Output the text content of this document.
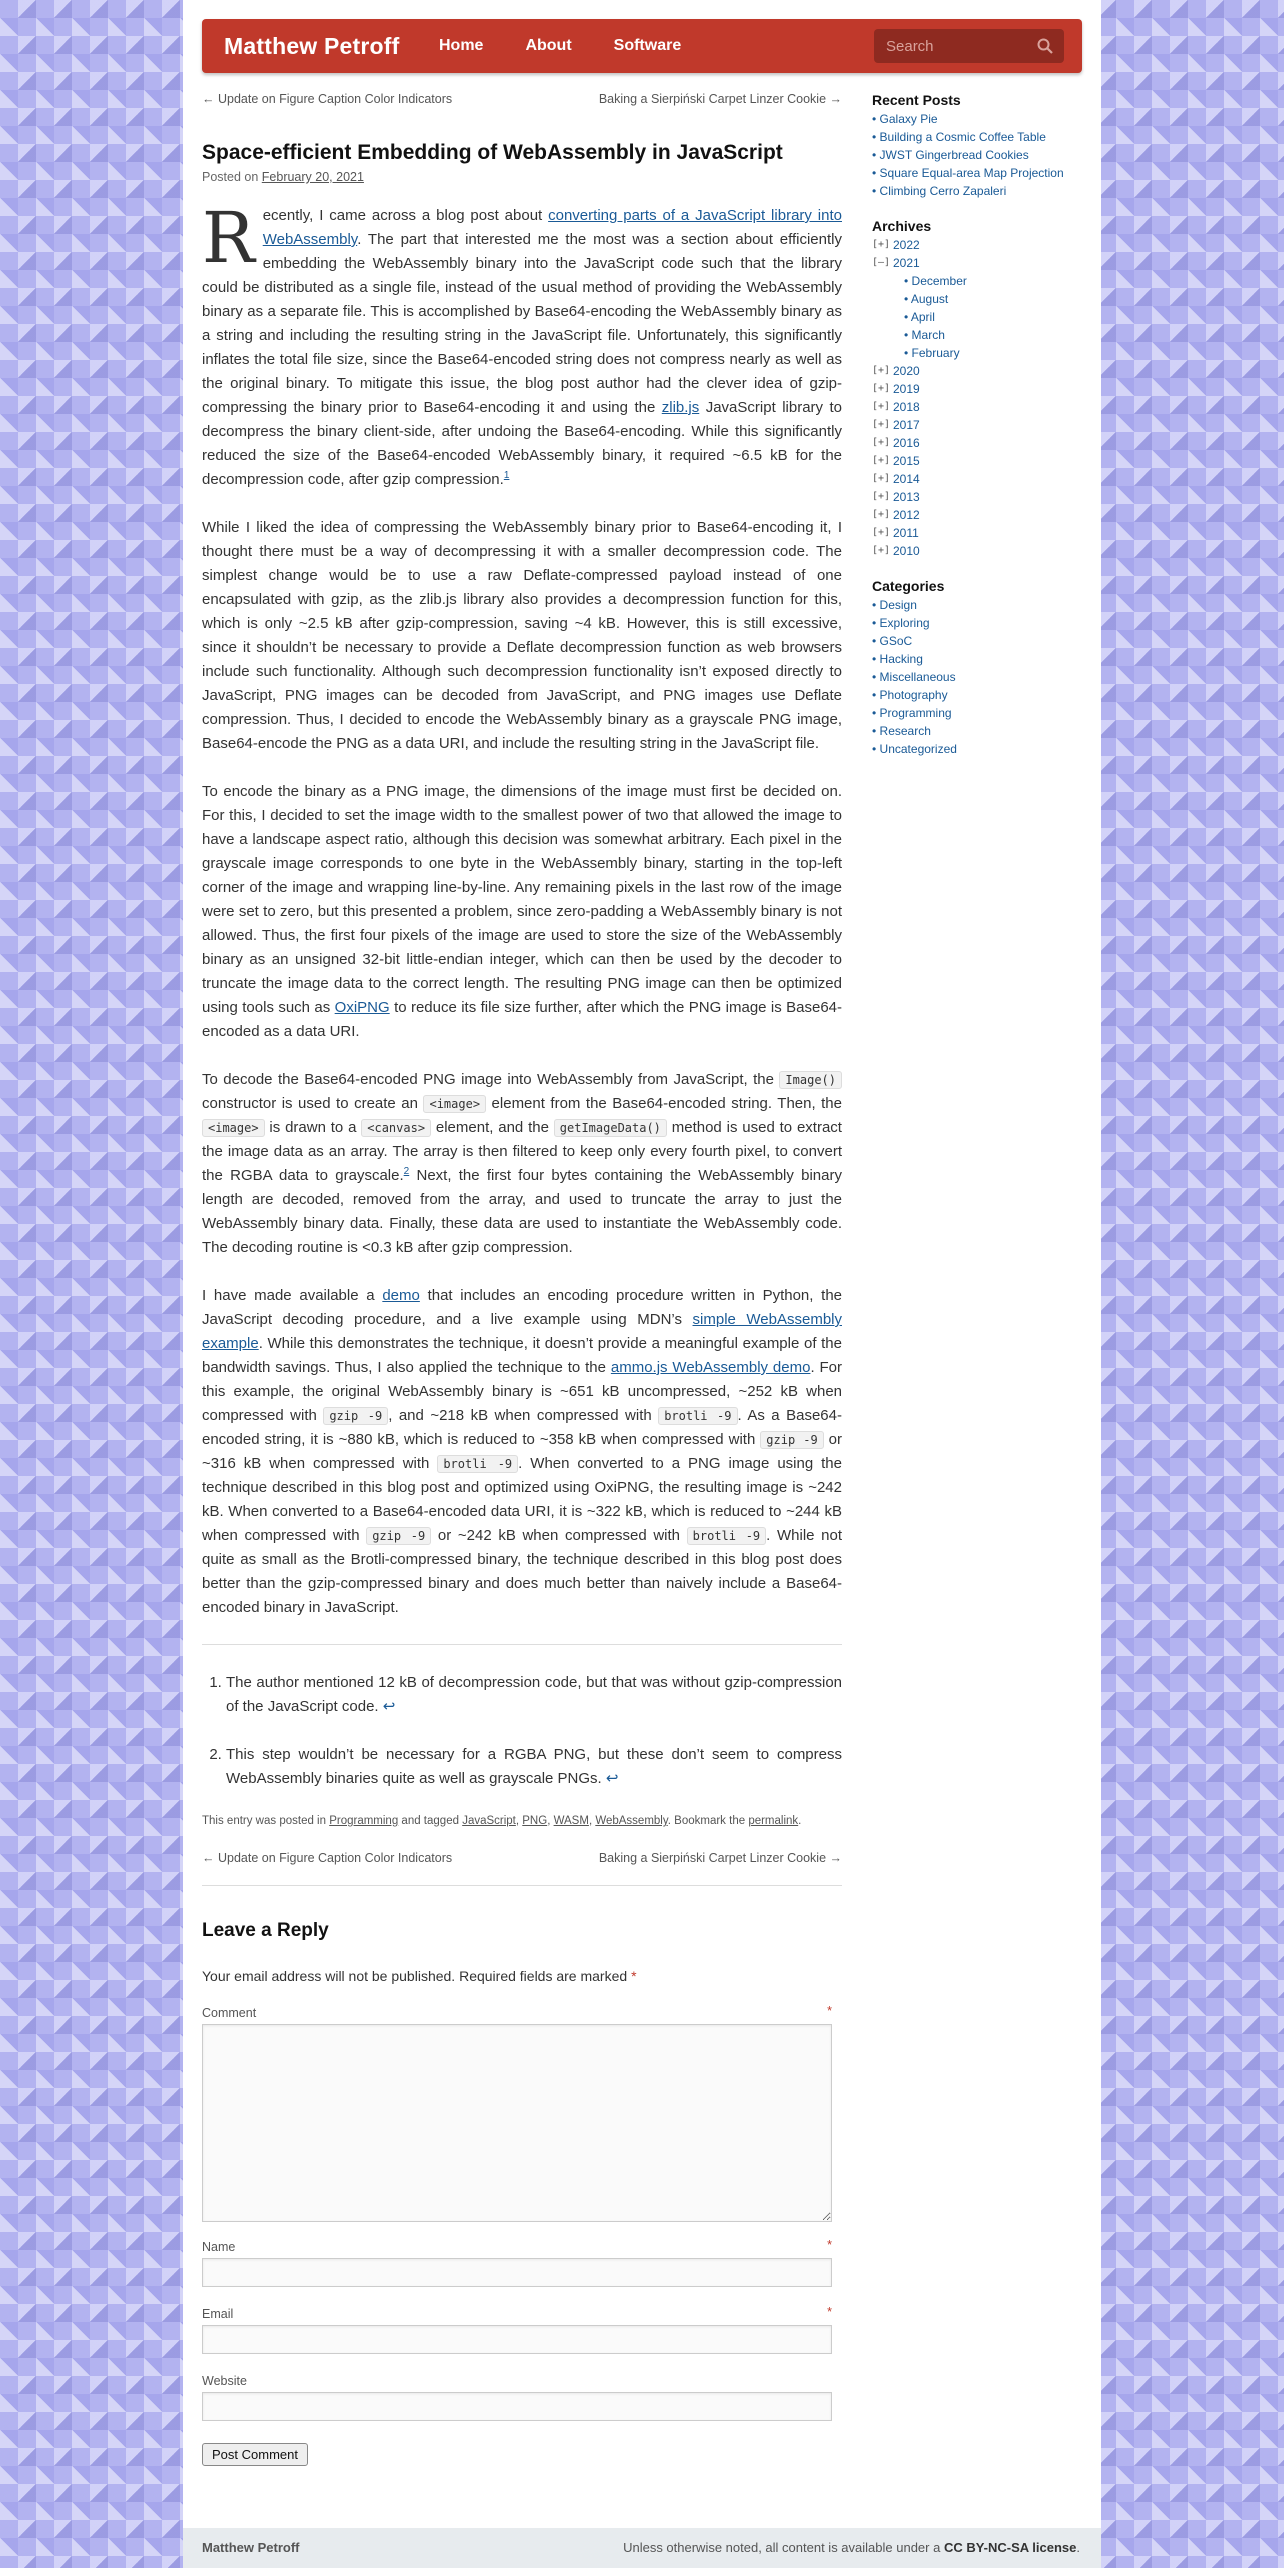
Matthew Petroff	Home	About	Software
Search
← Update on Figure Caption Color Indicators	Baking a Sierpiński Carpet Linzer Cookie →
Space-efficient Embedding of WebAssembly in JavaScript
Posted on February 20, 2021

Recently, I came across a blog post about converting parts of a JavaScript library into WebAssembly. The part that interested me the most was a section about efficiently embedding the WebAssembly binary into the JavaScript code such that the library could be distributed as a single file, instead of the usual method of providing the WebAssembly binary as a separate file. This is accomplished by Base64-encoding the WebAssembly binary as a string and including the resulting string in the JavaScript file. Unfortunately, this significantly inflates the total file size, since the Base64-encoded string does not compress nearly as well as the original binary. To mitigate this issue, the blog post author had the clever idea of gzip-compressing the binary prior to Base64-encoding it and using the zlib.js JavaScript library to decompress the binary client-side, after undoing the Base64-encoding. While this significantly reduced the size of the Base64-encoded WebAssembly binary, it required ~6.5 kB for the decompression code, after gzip compression.$^1$

While I liked the idea of compressing the WebAssembly binary prior to Base64-encoding it, I thought there must be a way of decompressing it with a smaller decompression code. The simplest change would be to use a raw Deflate-compressed payload instead of one encapsulated with gzip, as the zlib.js library also provides a decompression function for this, which is only ~2.5 kB after gzip-compression, saving ~4 kB. However, this is still excessive, since it shouldn’t be necessary to provide a Deflate decompression function as web browsers include such functionality. Although such decompression functionality isn’t exposed directly to JavaScript, PNG images can be decoded from JavaScript, and PNG images use Deflate compression. Thus, I decided to encode the WebAssembly binary as a grayscale PNG image, Base64-encode the PNG as a data URI, and include the resulting string in the JavaScript file.

To encode the binary as a PNG image, the dimensions of the image must first be decided on. For this, I decided to set the image width to the smallest power of two that allowed the image to have a landscape aspect ratio, although this decision was somewhat arbitrary. Each pixel in the grayscale image corresponds to one byte in the WebAssembly binary, starting in the top-left corner of the image and wrapping line-by-line. Any remaining pixels in the last row of the image were set to zero, but this presented a problem, since zero-padding a WebAssembly binary is not allowed. Thus, the first four pixels of the image are used to store the size of the WebAssembly binary as an unsigned 32-bit little-endian integer, which can then be used by the decoder to truncate the image data to the correct length. The resulting PNG image can then be optimized using tools such as OxiPNG to reduce its file size further, after which the PNG image is Base64-encoded as a data URI.

To decode the Base64-encoded PNG image into WebAssembly from JavaScript, the Image() constructor is used to create an <image> element from the Base64-encoded string. Then, the <image> is drawn to a <canvas> element, and the getImageData() method is used to extract the image data as an array. The array is then filtered to keep only every fourth pixel, to convert the RGBA data to grayscale.$^2$ Next, the first four bytes containing the WebAssembly binary length are decoded, removed from the array, and used to truncate the array to just the WebAssembly binary data. Finally, these data are used to instantiate the WebAssembly code. The decoding routine is <0.3 kB after gzip compression.

I have made available a demo that includes an encoding procedure written in Python, the JavaScript decoding procedure, and a live example using MDN’s simple WebAssembly example. While this demonstrates the technique, it doesn’t provide a meaningful example of the bandwidth savings. Thus, I also applied the technique to the ammo.js WebAssembly demo. For this example, the original WebAssembly binary is ~651 kB uncompressed, ~252 kB when compressed with gzip -9 , and ~218 kB when compressed with brotli -9 . As a Base64-encoded string, it is ~880 kB, which is reduced to ~358 kB when compressed with gzip -9 or ~316 kB when compressed with brotli -9 . When converted to a PNG image using the technique described in this blog post and optimized using OxiPNG, the resulting image is ~242 kB. When converted to a Base64-encoded data URI, it is ~322 kB, which is reduced to ~244 kB when compressed with gzip -9 or ~242 kB when compressed with brotli -9 . While not quite as small as the Brotli-compressed binary, the technique described in this blog post does better than the gzip-compressed binary and does much better than naively include a Base64-encoded binary in JavaScript.

1. The author mentioned 12 kB of decompression code, but that was without gzip-compression of the JavaScript code. ↩
2. This step wouldn’t be necessary for a RGBA PNG, but these don’t seem to compress WebAssembly binaries quite as well as grayscale PNGs. ↩
This entry was posted in Programming and tagged JavaScript, PNG, WASM, WebAssembly. Bookmark the permalink.
← Update on Figure Caption Color Indicators	Baking a Sierpiński Carpet Linzer Cookie →
Leave a Reply
Your email address will not be published. Required fields are marked *
Comment	*
Name	*
Email	*
Website
Post Comment
Recent Posts
• Galaxy Pie
• Building a Cosmic Coffee Table
• JWST Gingerbread Cookies
• Square Equal-area Map Projection
• Climbing Cerro Zapaleri
Archives
[+] 2022
[–] 2021
• December
• August
• April
• March
• February
[+] 2020
[+] 2019
[+] 2018
[+] 2017
[+] 2016
[+] 2015
[+] 2014
[+] 2013
[+] 2012
[+] 2011
[+] 2010
Categories
• Design
• Exploring
• GSoC
• Hacking
• Miscellaneous
• Photography
• Programming
• Research
• Uncategorized
Matthew Petroff	Unless otherwise noted, all content is available under a CC BY-NC-SA license.
